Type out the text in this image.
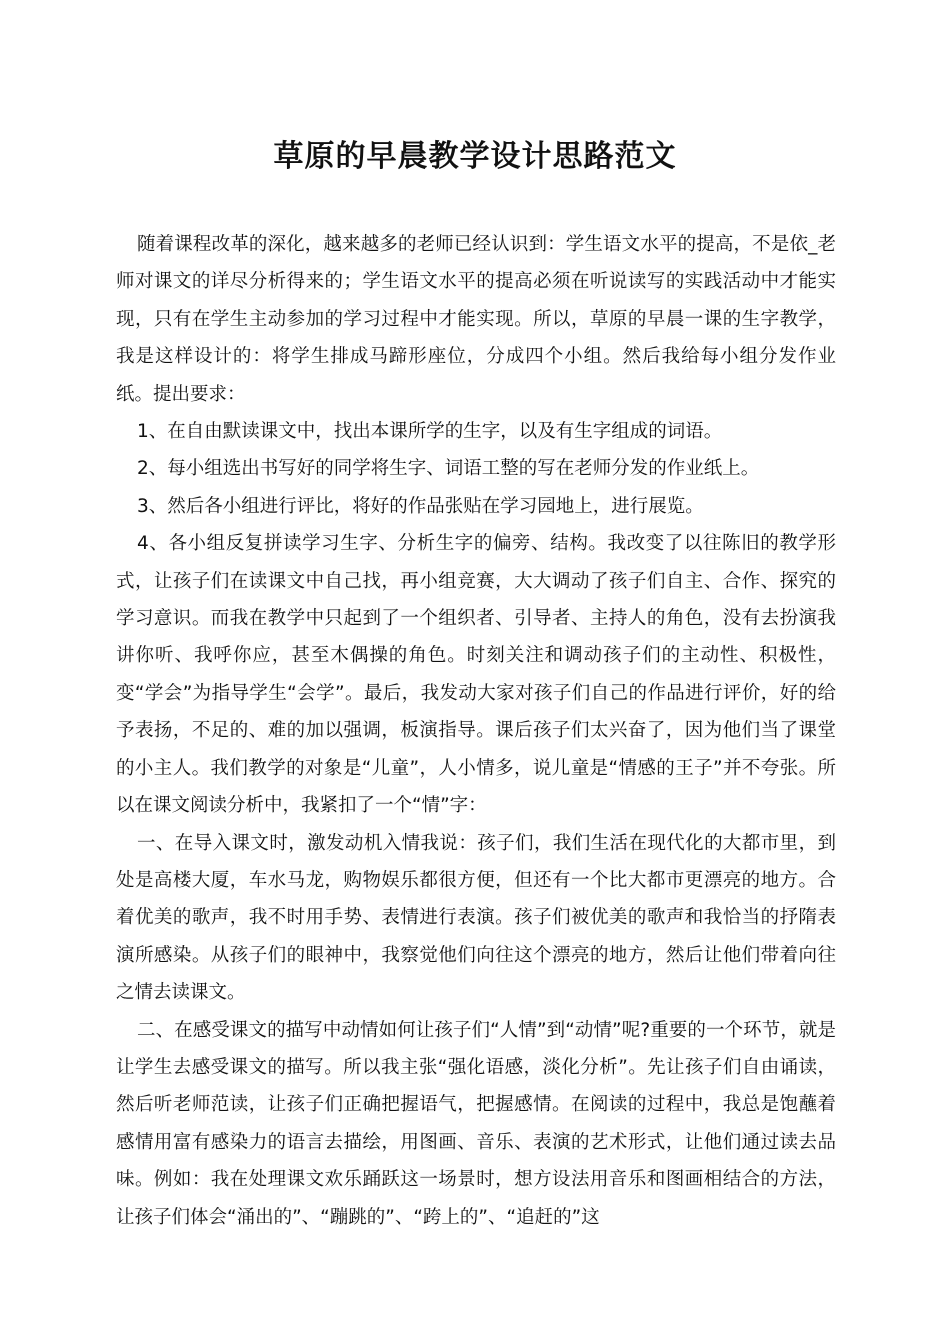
草原的早晨教学设计思路范文

随着课程改革的深化，越来越多的老师已经认识到：学生语文水平的提高，不是依_老师对课文的详尽分析得来的；学生语文水平的提高必须在听说读写的实践活动中才能实现，只有在学生主动参加的学习过程中才能实现。所以，草原的早晨一课的生字教学，我是这样设计的：将学生排成马蹄形座位，分成四个小组。然后我给每小组分发作业纸。提出要求：

1、在自由默读课文中，找出本课所学的生字，以及有生字组成的词语。

2、每小组选出书写好的同学将生字、词语工整的写在老师分发的作业纸上。

3、然后各小组进行评比，将好的作品张贴在学习园地上，进行展览。

4、各小组反复拼读学习生字、分析生字的偏旁、结构。我改变了以往陈旧的教学形式，让孩子们在读课文中自己找，再小组竞赛，大大调动了孩子们自主、合作、探究的学习意识。而我在教学中只起到了一个组织者、引导者、主持人的角色，没有去扮演我讲你听、我呼你应，甚至木偶操的角色。时刻关注和调动孩子们的主动性、积极性，变“学会”为指导学生“会学”。最后，我发动大家对孩子们自己的作品进行评价，好的给予表扬，不足的、难的加以强调，板演指导。课后孩子们太兴奋了，因为他们当了课堂的小主人。我们教学的对象是“儿童”，人小情多，说儿童是“情感的王子”并不夸张。所以在课文阅读分析中，我紧扣了一个“情”字：

一、在导入课文时，激发动机入情我说：孩子们，我们生活在现代化的大都市里，到处是高楼大厦，车水马龙，购物娱乐都很方便，但还有一个比大都市更漂亮的地方。合着优美的歌声，我不时用手势、表情进行表演。孩子们被优美的歌声和我恰当的抒隋表演所感染。从孩子们的眼神中，我察觉他们向往这个漂亮的地方，然后让他们带着向往之情去读课文。

二、在感受课文的描写中动情如何让孩子们“人情”到“动情”呢?重要的一个环节，就是让学生去感受课文的描写。所以我主张“强化语感，淡化分析”。先让孩子们自由诵读，然后听老师范读，让孩子们正确把握语气，把握感情。在阅读的过程中，我总是饱蘸着感情用富有感染力的语言去描绘，用图画、音乐、表演的艺术形式，让他们通过读去品味。例如：我在处理课文欢乐踊跃这一场景时，想方设法用音乐和图画相结合的方法，让孩子们体会“涌出的”、“蹦跳的”、“跨上的”、“追赶的”这
